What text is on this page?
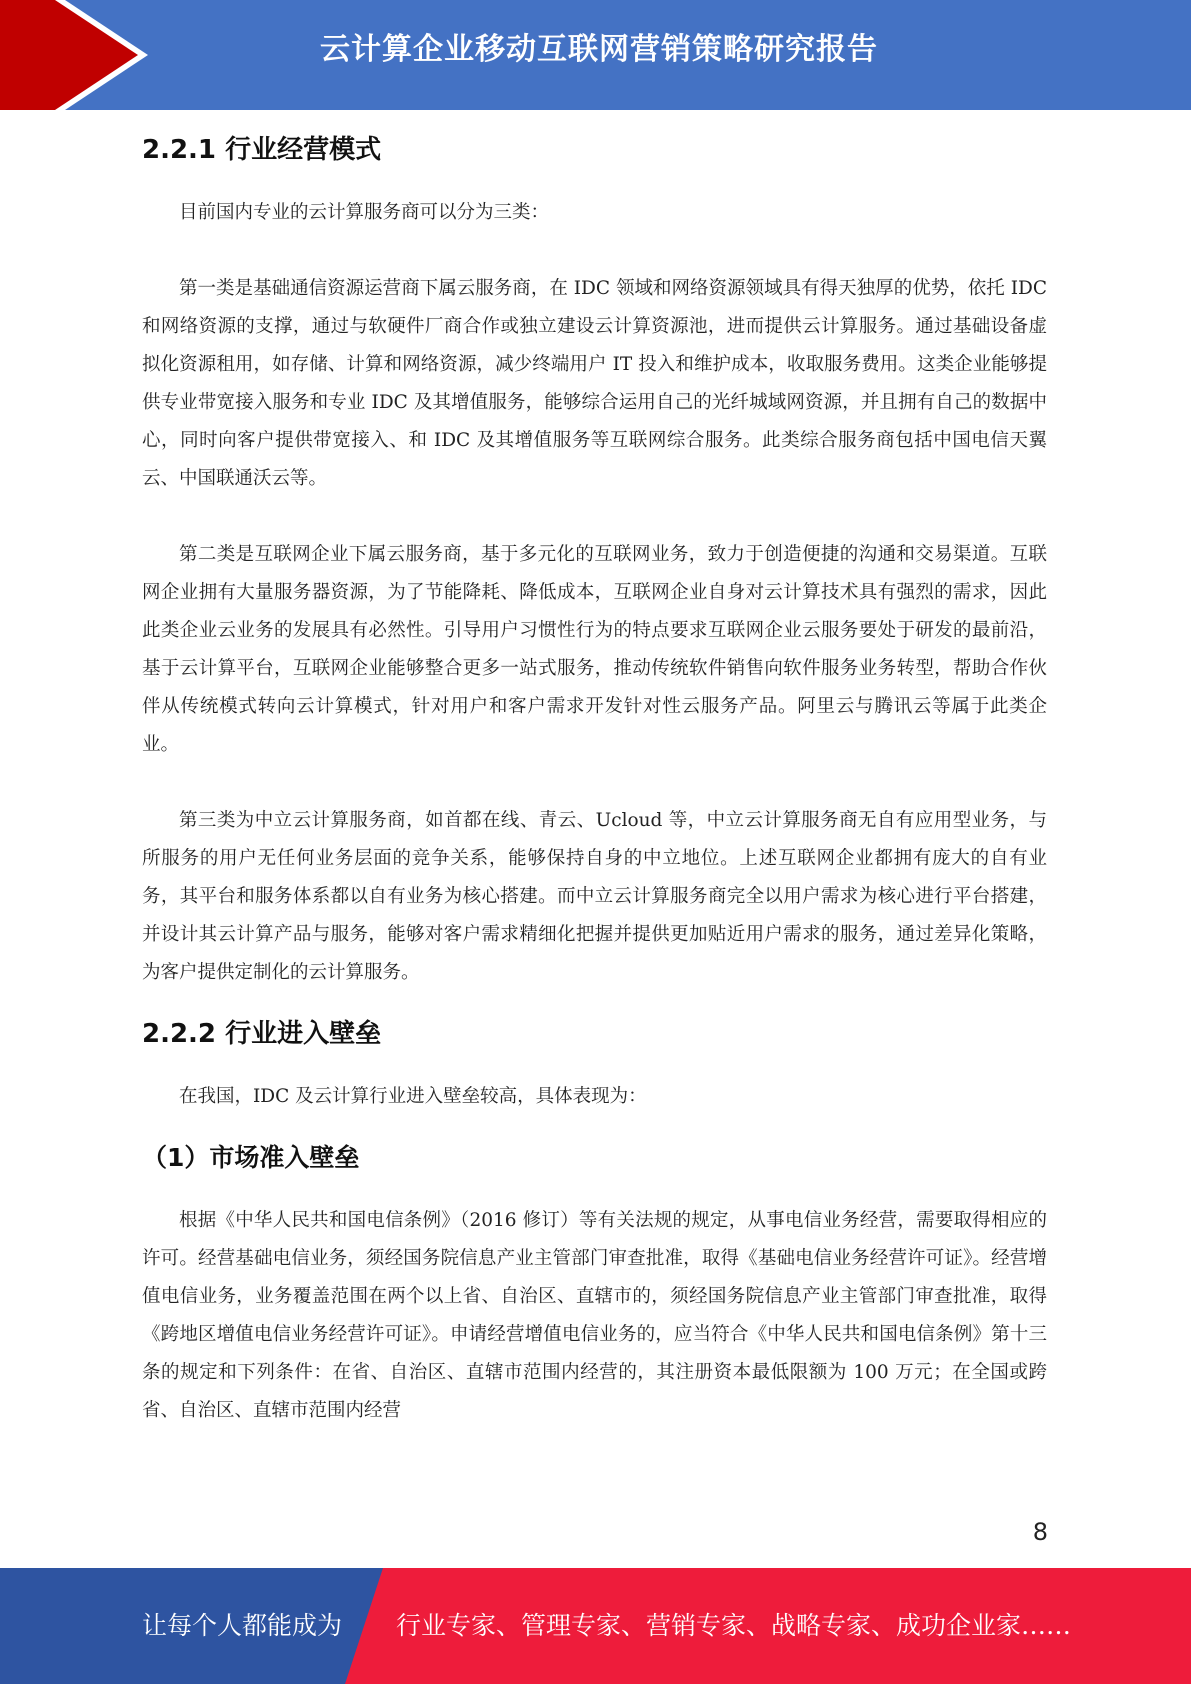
云计算企业移动互联网营销策略研究报告
2.2.1 行业经营模式

目前国内专业的云计算服务商可以分为三类：

第一类是基础通信资源运营商下属云服务商，在 IDC 领域和网络资源领域具有得天独厚的优势，依托 IDC 和网络资源的支撑，通过与软硬件厂商合作或独立建设云计算资源池，进而提供云计算服务。通过基础设备虚拟化资源租用，如存储、计算和网络资源，减少终端用户 IT 投入和维护成本，收取服务费用。这类企业能够提供专业带宽接入服务和专业 IDC 及其增值服务，能够综合运用自己的光纤城域网资源，并且拥有自己的数据中心，同时向客户提供带宽接入、和 IDC 及其增值服务等互联网综合服务。此类综合服务商包括中国电信天翼云、中国联通沃云等。

第二类是互联网企业下属云服务商，基于多元化的互联网业务，致力于创造便捷的沟通和交易渠道。互联网企业拥有大量服务器资源，为了节能降耗、降低成本，互联网企业自身对云计算技术具有强烈的需求，因此此类企业云业务的发展具有必然性。引导用户习惯性行为的特点要求互联网企业云服务要处于研发的最前沿，基于云计算平台，互联网企业能够整合更多一站式服务，推动传统软件销售向软件服务业务转型，帮助合作伙伴从传统模式转向云计算模式，针对用户和客户需求开发针对性云服务产品。阿里云与腾讯云等属于此类企业。

第三类为中立云计算服务商，如首都在线、青云、Ucloud 等，中立云计算服务商无自有应用型业务，与所服务的用户无任何业务层面的竞争关系，能够保持自身的中立地位。上述互联网企业都拥有庞大的自有业务，其平台和服务体系都以自有业务为核心搭建。而中立云计算服务商完全以用户需求为核心进行平台搭建，并设计其云计算产品与服务，能够对客户需求精细化把握并提供更加贴近用户需求的服务，通过差异化策略，为客户提供定制化的云计算服务。

2.2.2 行业进入壁垒

在我国，IDC 及云计算行业进入壁垒较高，具体表现为：

（1）市场准入壁垒

根据《中华人民共和国电信条例》（2016 修订）等有关法规的规定，从事电信业务经营，需要取得相应的许可。经营基础电信业务，须经国务院信息产业主管部门审查批准，取得《基础电信业务经营许可证》。经营增值电信业务，业务覆盖范围在两个以上省、自治区、直辖市的，须经国务院信息产业主管部门审查批准，取得《跨地区增值电信业务经营许可证》。申请经营增值电信业务的，应当符合《中华人民共和国电信条例》第十三条的规定和下列条件：在省、自治区、直辖市范围内经营的，其注册资本最低限额为 100 万元；在全国或跨省、自治区、直辖市范围内经营

8
让每个人都能成为 行业专家、管理专家、营销专家、战略专家、成功企业家……
